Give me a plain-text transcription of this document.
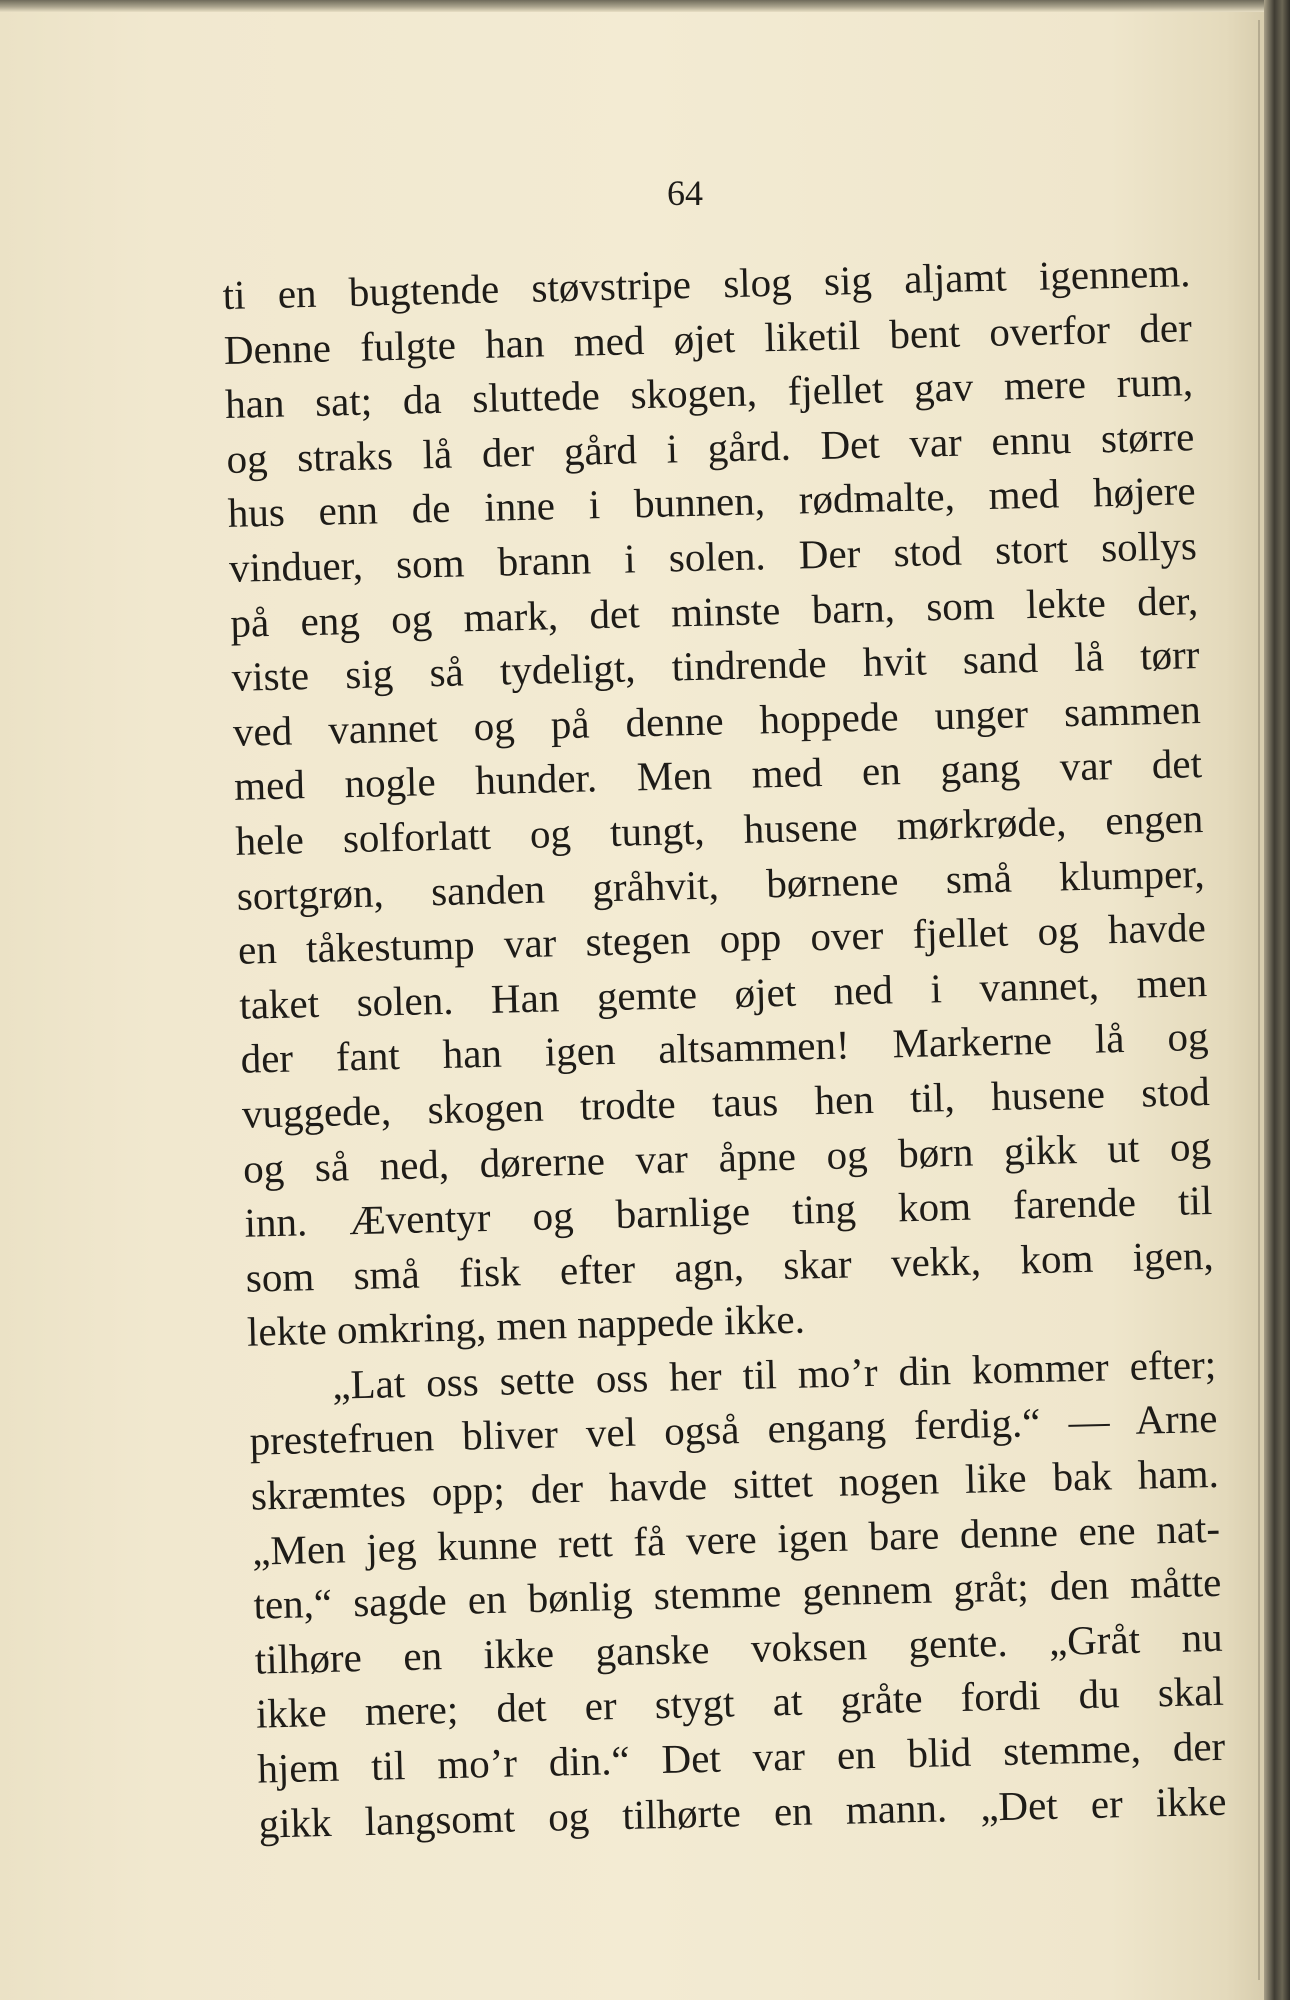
64
ti en bugtende støvstripe slog sig aljamt igennem.
Denne fulgte han med øjet liketil bent overfor der
han sat; da sluttede skogen, fjellet gav mere rum,
og straks lå der gård i gård. Det var ennu større
hus enn de inne i bunnen, rødmalte, med højere
vinduer, som brann i solen. Der stod stort sollys
på eng og mark, det minste barn, som lekte der,
viste sig så tydeligt, tindrende hvit sand lå tørr
ved vannet og på denne hoppede unger sammen
med nogle hunder. Men med en gang var det
hele solforlatt og tungt, husene mørkrøde, engen
sortgrøn, sanden gråhvit, børnene små klumper,
en tåkestump var stegen opp over fjellet og havde
taket solen. Han gemte øjet ned i vannet, men
der fant han igen altsammen! Markerne lå og
vuggede, skogen trodte taus hen til, husene stod
og så ned, dørerne var åpne og børn gikk ut og
inn. Æventyr og barnlige ting kom farende til
som små fisk efter agn, skar vekk, kom igen,
lekte omkring, men nappede ikke.
„Lat oss sette oss her til mo’r din kommer efter;
prestefruen bliver vel også engang ferdig.“ — Arne
skræmtes opp; der havde sittet nogen like bak ham.
„Men jeg kunne rett få vere igen bare denne ene nat-
ten,“ sagde en bønlig stemme gennem gråt; den måtte
tilhøre en ikke ganske voksen gente. „Gråt nu
ikke mere; det er stygt at gråte fordi du skal
hjem til mo’r din.“ Det var en blid stemme, der
gikk langsomt og tilhørte en mann. „Det er ikke
